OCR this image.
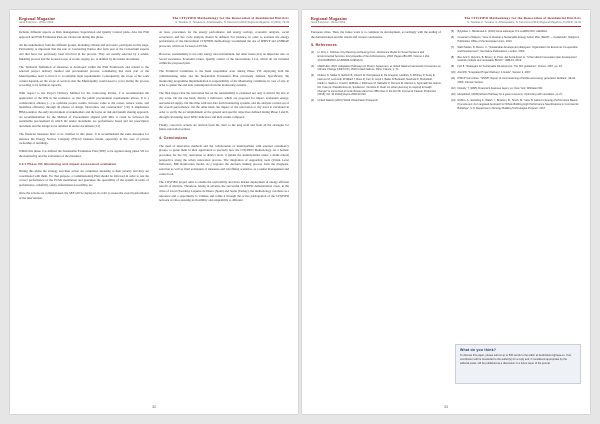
Regional Magazine
Issue 8 Autumn - Winter 2019
The CITyFiED Methodology for the Renovation of Residential Districts
S. Tsoukas, K. Tsoukas, E. Athanasiadou, N. Karvounis (2019) Regional Magazine, 8 (2019): 23-33

includes different aspects as Risk management, Supervision and Quality Control plans. Also the ESR approach and ESR Evaluation Plan are carried out during this phase.

All the stakeholders from the different groups, including citizens and end users, participate in this stage. Particularly, is important that the role of Contracting Parties that form part of the Consortium experts and that have not previously been involved in the process. They are usually selected by a tender, finishing process and the focused scope of works, supply, etc. is defined by the tender documents.

The Technical Definition of measures is developed within the ESR Framework and related to the selected project delivery method and procurement process, considering that most part of the Municipalities need to have it to accomplish legal requirements. Consequently, the scope of the work carried depends on the scope of services that the Municipality would need to cover during the process according to its technical capacity.

With respect to the Project Delivery Method for the contracting Parties, it is recommended the application of the IPD in the residence, so that the public procurement requirements allows. It is a collaborative alliance (...) to optimize project results, increase value to the owner, reduce waste, and maximize efficiency through all phases of design, fabrication, and construction" [10]. It emphasizes BIM potential, the early involvement of stakeholders and the focus on risk and benefit sharing approach. As recommendation for the Method of Procurement aligned with IPD, it could be followed the sustainable procurement in which the tender documents are performance based and not prescriptive document and the design is not detailed in tender documents [14].

The financial measures have to be clarified in this phase. It is recommended the same measures for instance the Energy Service Company (ESCO) business model, especially in the case of private ownership of buildings.

Within this phase it is defined the Sustainable Evaluation Plan (SEP) to be applied along phase VII for the monitoring and the evaluation of the measures.

3.3.7 Phase VII: Monitoring and impact assessment evaluation

During this phase the strategy and their action are completed attending to their priority and they are coordinated with them. For that purpose, a Commissioning Plan should be followed in order to test the correct performance of the ECMs installation and guarantee the operability of the system in terms of performance, reliability, safety, information traceability, etc.

Once the actions are commissioned, the SEP will be deployed, in order to assess the overall performance of the intervention.

At least, procedures for the energy performance and energy savings, economic analysis, social acceptance, and life cycle analysis should be defined. For instance, in order to evaluate the energy performance of the intervention CITyFiED methodology recommend the use of IPMVP and ASHRAE protocols, which are focused on ECMs.

However, sustainability is not only energy and environment, but other issues play an important role, as Social awareness, Economic issues, Quality control of the intervention, LCA, which all are included within the proposed plan.

The Technical Committee is the main responsible actor during Phase VII, deploying both the commissioning tasks and the Sustainable Evaluation Plan previously defined. Specifically, the monitoring programme implementation is responsibility of the Monitoring committee in case of any, in order to gather the and data consumption from the monitoring systems.

The final impact that the renovation has on the sustainability is evaluated not only at district but also at city scale. On the one hand, district 3 indicators, which are proposed for impact evaluation energy, use/reduced supply, but this time with real data from monitoring systems, and the analysis carried out of the overall performance. On the other hand, the impact of the renovation at city level is calculated in order to verify the accomplishment of the general and specific objectives defined during Phase I and II, through calculating level 'KPIs' indicators and their results compared.

Finally, corrective actions are derived from the chart to the long term and from all the strategies for future renovation actions.

4. Conclusions

The need of innovative methods and the collaboration of municipalities with external consultancy groups, to guide them in their application is precisely how the CITyFiED Methodology. As a holistic procedure for the city renovation at district level, it guides the municipalities under a multi-criteria perspective along the urban renovation process. The integration of supporting tools (Urban Level Indicators, BIP, Replication model, etc.) supports the decision making process from the diagnosis, selection as well as final evaluation of measures and retrofitting scenarios, as a useful management and control tool.

The CITyFiED project aims to enable the replicability and mass market deployment of energy efficient retrofit of districts. Therefore, taking in advance the successful CITyFiED demonstration cases, in the cities of Laval (Sweden), Lagunas de Duero (Spain) and Soma (Turkey), the methodology can there as a reference and a opportunity to validate and refine it through the active participation of the CITyFiED network of cities assuring its flexibility and adaptability to different

32
Regional Magazine
Issue 8 Autumn - Winter 2019
The CITyFiED Methodology for the Renovation of Residential Districts
S. Tsoukas, K. Tsoukas, E. Athanasiadou, N. Karvounis (2019) Regional Magazine, 8 (2019): 23-33

European cities. Then, the future work is to complete its development, accordingly with the ending of the demonstration and the results and current conclusions.

5. References
[1] H. Prat, L. Ordinas: City Planning and Energy Use - Reference Model for Smart Systems and Environmental Services. Encyclopedia of the Anthropocene, 2018, Pages 283-295. Volume 1 (doi: 10.1016/B978-0-12-809665-9.09516-9)
[2] UNEP-IEA. 2015. Adaptation Pathways (in Press). Agreement, to United Nations Framework Convention on Climate Change (UNFCCC), 2015 United Nations, Paris, France, p. 71.
[3] Neilson N, Saltiel N, Heilrich B, Church M, Petriyakova E, De Gregorio, Hardisty S, Whitney P, Foley E, Harmon M, Lermonth M Dillard T, Boss R, Kerr D, Hoyd J, Bailer D Buckwell, Newhold K, Bruhsfield, Faidhn I, Nadine I, Knecht, McBride J, Robinson M, Salvador P, Romero M, Martino A, Sgrimaldi SH, Enbus MJ, Foley E, Papadimitriou E, Sosfactus I, Dembus D. Real: An urban planning to respond to health change? Is concerned of local climate plans from 885 cities in the EU 28. Journal of Cleaner Production (2018), doi: 10.1016/j.jclepro.2018.03.220.
[4] United Nations (2015) World Urbanization Prospects
[5] Bylykbas, L. Berdenaut A. (2013) Anna eelHuqua, Pro eveBRU RIC: A/Edlition.
[6] Covenant of Mayors: "How to develop a Sustainable Energy Action Plan (SEAP) — Guidebook", Religions Publication Office of the European Union, 2010.
[7] Wahl Stefan, D. Besno, C. "Sustainable development dialogues: Organization for Economic Co-operation and Development", the Nature Publications, London, 2002.
[8] Ben Aziz F, Alavrino, B. Bruem, E. Pozo, del Serra-Ituref, E. "Urban district renovation plan development towards multiple and renewable BUILD", URB-16, 2019.
[9] ISO 8. "Strategies for Sustainable Development. The ISO guidelines", Francs, 2007, pp. 34.
[10] AIA IPD: "Integrated Project Delivery: A Guide", Version 1, 2007.
[11] IPMVP Committee: "IPMVP, Report of commissioning of ECMs and energy generation facilities", Minsk 2009, Intrinsic Version.
[12] Dravidy, T (1995) Financial's business layers, ex. New York, Whittaker ND.
[13] Muskdokul, (2009) Ethans Pathway for a green economy: Optimizing with simulation, pp 27.
[14] Ryffins, A., Estrelling F., Walsh, I., Breshon, B., Srach, M. "How To Gable for Energy-Performance Based Procurement: An Integrated Approach for Whole Building High Performance Specifications in Commercial Buildings", U.S. Department of Energy Building Technologies Program, 2017.
What do you think?
To discuss this paper, please submit up to 500 words to the editor at bestintitulum@rspa.eu. Your contribution will be forwarded to the author(s) for a reply and, if considered appropriate by the editorial panel, will be published as a discussion in a future issue of the journal.
33
